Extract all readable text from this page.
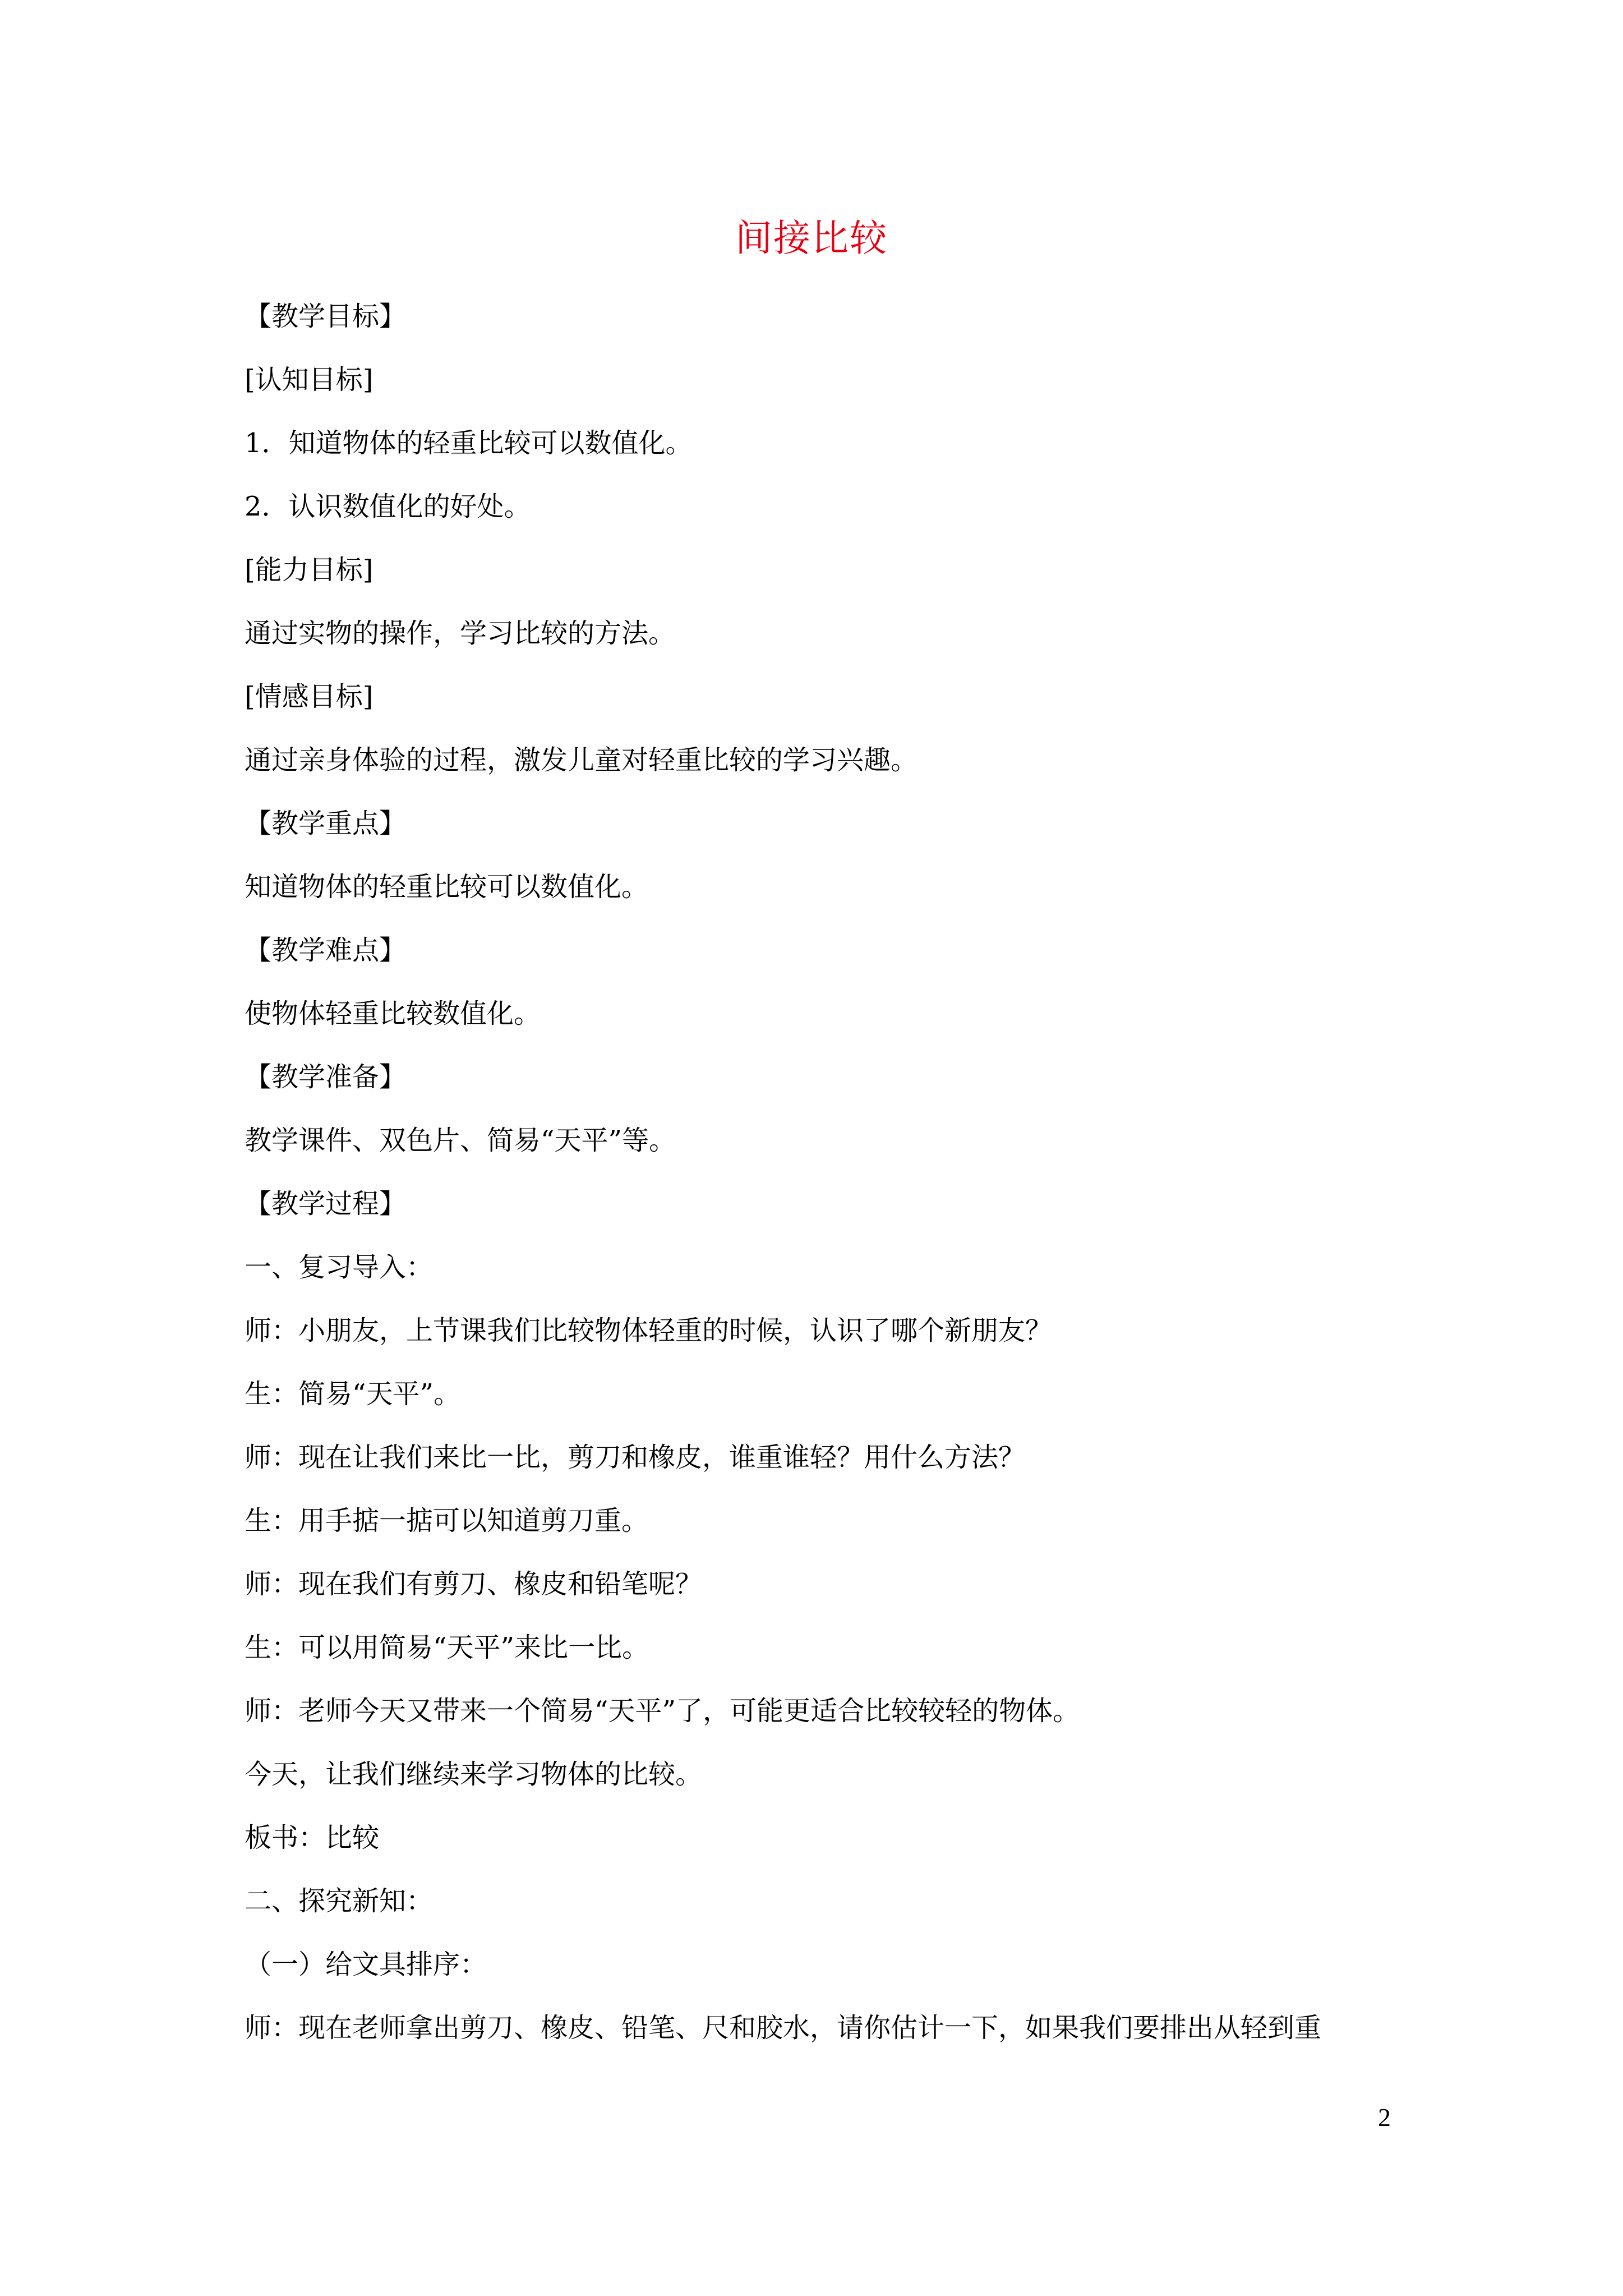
间接比较
【教学目标】
[认知目标]
1．知道物体的轻重比较可以数值化。
2．认识数值化的好处。
[能力目标]
通过实物的操作，学习比较的方法。
[情感目标]
通过亲身体验的过程，激发儿童对轻重比较的学习兴趣。
【教学重点】
知道物体的轻重比较可以数值化。
【教学难点】
使物体轻重比较数值化。
【教学准备】
教学课件、双色片、简易“天平”等。
【教学过程】
一、复习导入：
师：小朋友，上节课我们比较物体轻重的时候，认识了哪个新朋友？
生：简易“天平”。
师：现在让我们来比一比，剪刀和橡皮，谁重谁轻？用什么方法？
生：用手掂一掂可以知道剪刀重。
师：现在我们有剪刀、橡皮和铅笔呢？
生：可以用简易“天平”来比一比。
师：老师今天又带来一个简易“天平”了，可能更适合比较较轻的物体。
今天，让我们继续来学习物体的比较。
板书：比较
二、探究新知：
（一）给文具排序：
师：现在老师拿出剪刀、橡皮、铅笔、尺和胶水，请你估计一下，如果我们要排出从轻到重
2
